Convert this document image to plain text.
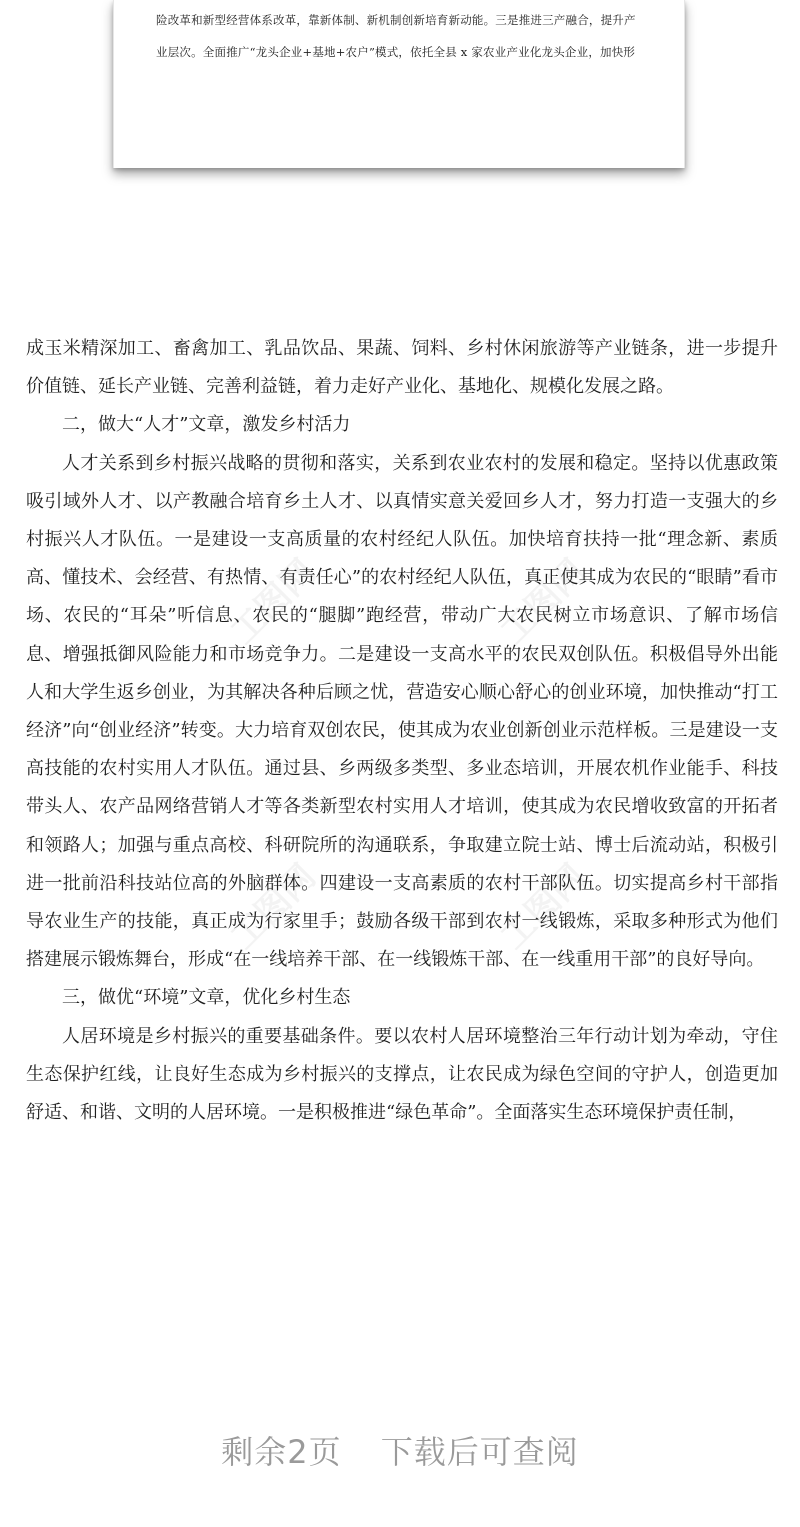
险改革和新型经营体系改革，靠新体制、新机制创新培育新动能。三是推进三产融合，提升产
业层次。全面推广“龙头企业+基地+农户”模式，依托全县 x 家农业产业化龙头企业，加快形
工图网	工图网
工图网	工图网

成玉米精深加工、畜禽加工、乳品饮品、果蔬、饲料、乡村休闲旅游等产业链条，进一步提升价值链、延长产业链、完善利益链，着力走好产业化、基地化、规模化发展之路。

二，做大“人才”文章，激发乡村活力

人才关系到乡村振兴战略的贯彻和落实，关系到农业农村的发展和稳定。坚持以优惠政策吸引域外人才、以产教融合培育乡土人才、以真情实意关爱回乡人才，努力打造一支强大的乡村振兴人才队伍。一是建设一支高质量的农村经纪人队伍。加快培育扶持一批“理念新、素质高、懂技术、会经营、有热情、有责任心”的农村经纪人队伍，真正使其成为农民的“眼睛”看市场、农民的“耳朵”听信息、农民的“腿脚”跑经营，带动广大农民树立市场意识、了解市场信息、增强抵御风险能力和市场竞争力。二是建设一支高水平的农民双创队伍。积极倡导外出能人和大学生返乡创业，为其解决各种后顾之忧，营造安心顺心舒心的创业环境，加快推动“打工经济”向“创业经济”转变。大力培育双创农民，使其成为农业创新创业示范样板。三是建设一支高技能的农村实用人才队伍。通过县、乡两级多类型、多业态培训，开展农机作业能手、科技带头人、农产品网络营销人才等各类新型农村实用人才培训，使其成为农民增收致富的开拓者和领路人；加强与重点高校、科研院所的沟通联系，争取建立院士站、博士后流动站，积极引进一批前沿科技站位高的外脑群体。四建设一支高素质的农村干部队伍。切实提高乡村干部指导农业生产的技能，真正成为行家里手；鼓励各级干部到农村一线锻炼，采取多种形式为他们搭建展示锻炼舞台，形成“在一线培养干部、在一线锻炼干部、在一线重用干部”的良好导向。

三，做优“环境”文章，优化乡村生态

人居环境是乡村振兴的重要基础条件。要以农村人居环境整治三年行动计划为牵动，守住生态保护红线，让良好生态成为乡村振兴的支撑点，让农民成为绿色空间的守护人，创造更加舒适、和谐、文明的人居环境。一是积极推进“绿色革命”。全面落实生态环境保护责任制，

剩余2页 下载后可查阅
